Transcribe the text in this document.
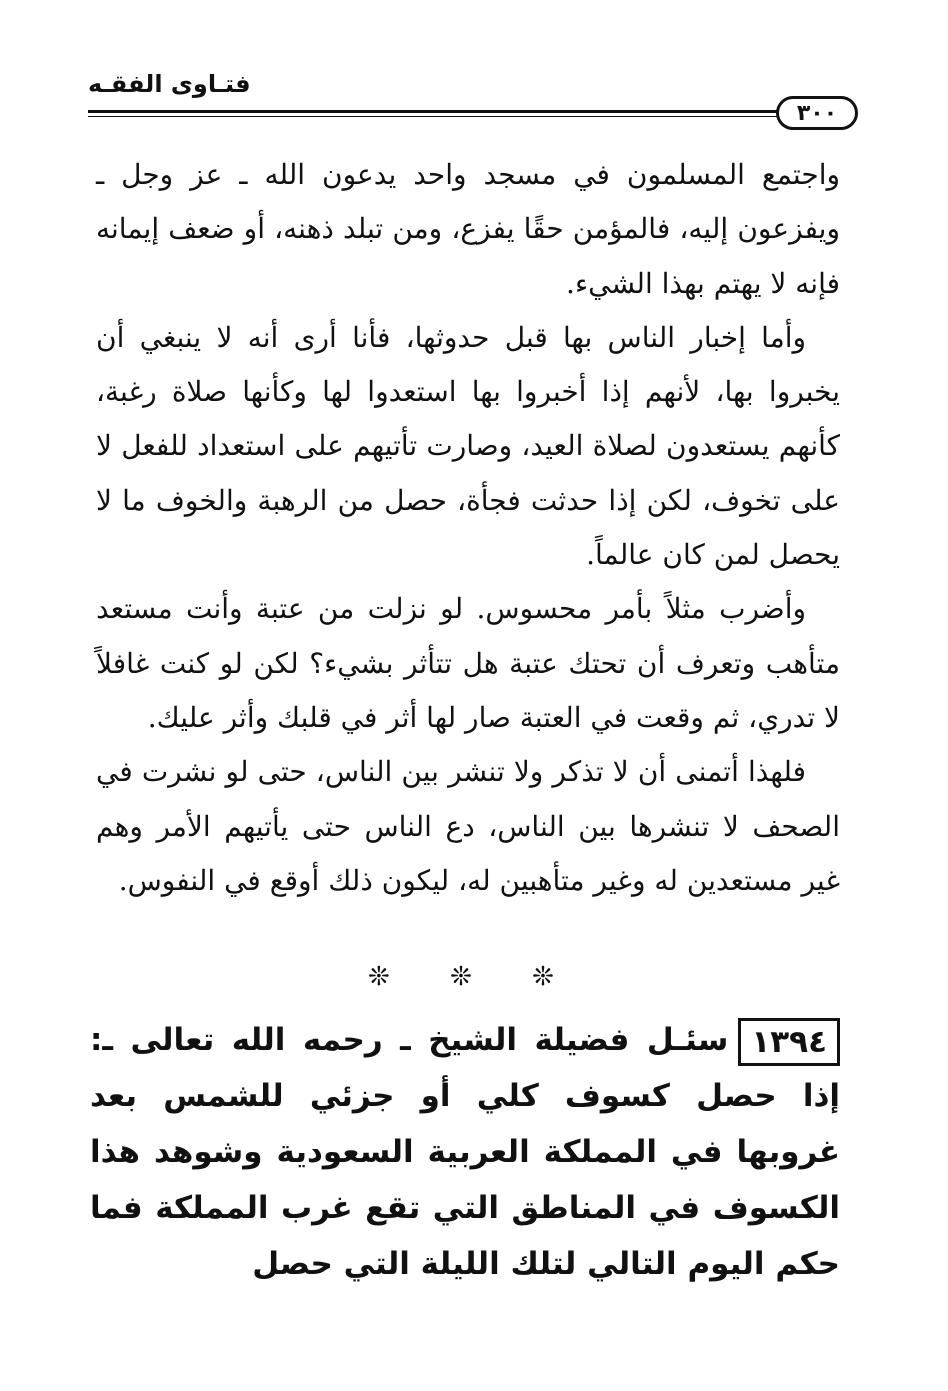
فتـاوى الفقـه
٣٠٠

واجتمع المسلمون في مسجد واحد يدعون الله ـ عز وجل ـ ويفزعون إليه، فالمؤمن حقًا يفزع، ومن تبلد ذهنه، أو ضعف إيمانه فإنه لا يهتم بهذا الشيء.

وأما إخبار الناس بها قبل حدوثها، فأنا أرى أنه لا ينبغي أن يخبروا بها، لأنهم إذا أخبروا بها استعدوا لها وكأنها صلاة رغبة، كأنهم يستعدون لصلاة العيد، وصارت تأتيهم على استعداد للفعل لا على تخوف، لكن إذا حدثت فجأة، حصل من الرهبة والخوف ما لا يحصل لمن كان عالماً.

وأضرب مثلاً بأمر محسوس. لو نزلت من عتبة وأنت مستعد متأهب وتعرف أن تحتك عتبة هل تتأثر بشيء؟ لكن لو كنت غافلاً لا تدري، ثم وقعت في العتبة صار لها أثر في قلبك وأثر عليك.

فلهذا أتمنى أن لا تذكر ولا تنشر بين الناس، حتى لو نشرت في الصحف لا تنشرها بين الناس، دع الناس حتى يأتيهم الأمر وهم غير مستعدين له وغير متأهبين له، ليكون ذلك أوقع في النفوس.

❊ ❊ ❊
١٣٩٤سئـل فضيلة الشيخ ـ رحمه الله تعالى ـ: إذا حصل كسوف كلي أو جزئي للشمس بعد غروبها في المملكة العربية السعودية وشوهد هذا الكسوف في المناطق التي تقع غرب المملكة فما حكم اليوم التالي لتلك الليلة التي حصل
